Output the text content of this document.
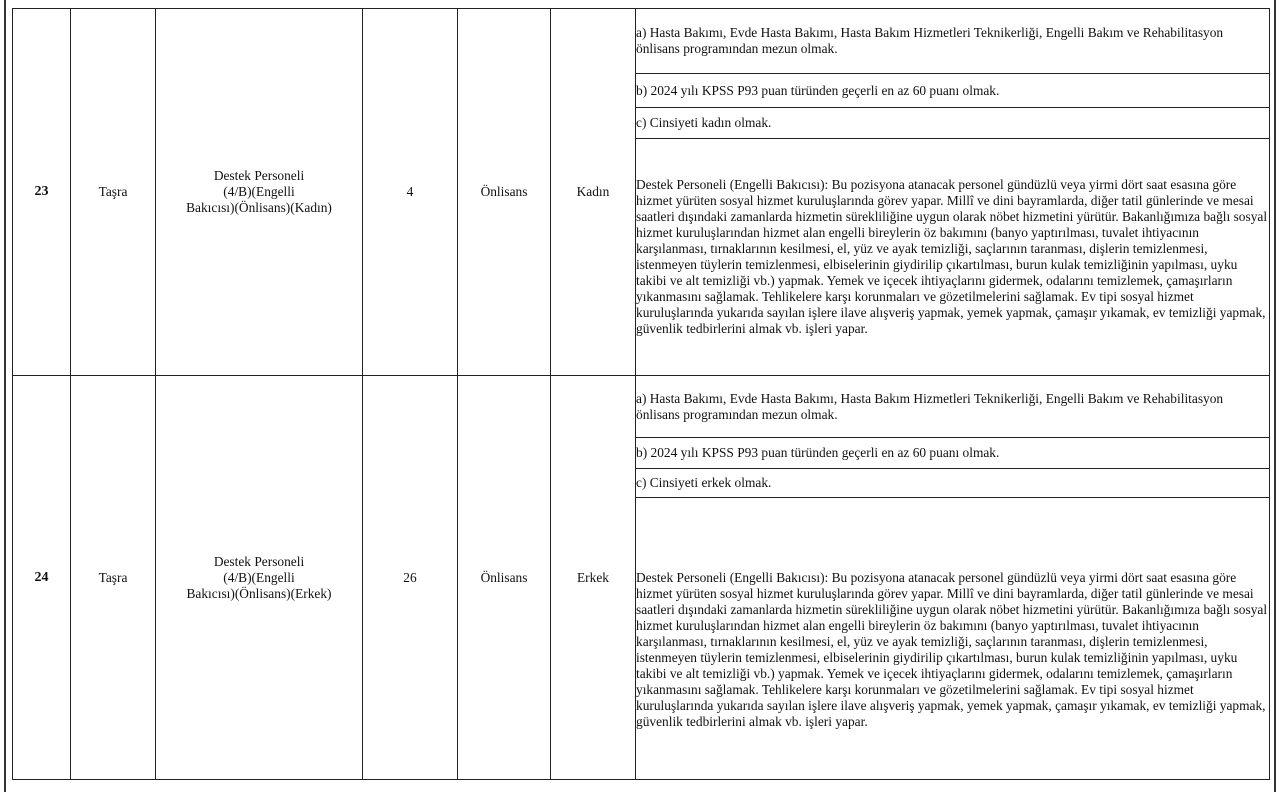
23	Taşra	Destek Personeli
(4/B)(Engelli
Bakıcısı)(Önlisans)(Kadın)	4	Önlisans	Kadın	a) Hasta Bakımı, Evde Hasta Bakımı, Hasta Bakım Hizmetleri Teknikerliği, Engelli Bakım ve Rehabilitasyon önlisans programından mezun olmak.
						b) 2024 yılı KPSS P93 puan türünden geçerli en az 60 puanı olmak.
						c) Cinsiyeti kadın olmak.

						Destek Personeli (Engelli Bakıcısı): Bu pozisyona atanacak personel gündüzlü veya yirmi dört saat esasına göre hizmet yürüten sosyal hizmet kuruluşlarında görev yapar. Millî ve dini bayramlarda, diğer tatil günlerinde ve mesai saatleri dışındaki zamanlarda hizmetin sürekliliğine uygun olarak nöbet hizmetini yürütür. Bakanlığımıza bağlı sosyal hizmet kuruluşlarından hizmet alan engelli bireylerin öz bakımını (banyo yaptırılması, tuvalet ihtiyacının karşılanması, tırnaklarının kesilmesi, el, yüz ve ayak temizliği, saçlarının taranması, dişlerin temizlenmesi, istenmeyen tüylerin temizlenmesi, elbiselerinin giydirilip çıkartılması, burun kulak temizliğinin yapılması, uyku takibi ve alt temizliği vb.) yapmak. Yemek ve içecek ihtiyaçlarını gidermek, odalarını temizlemek, çamaşırların yıkanmasını sağlamak. Tehlikelere karşı korunmaları ve gözetilmelerini sağlamak. Ev tipi sosyal hizmet kuruluşlarında yukarıda sayılan işlere ilave alışveriş yapmak, yemek yapmak, çamaşır yıkamak, ev temizliği yapmak, güvenlik tedbirlerini almak vb. işleri yapar.

24	Taşra	Destek Personeli
(4/B)(Engelli
Bakıcısı)(Önlisans)(Erkek)	26	Önlisans	Erkek	a) Hasta Bakımı, Evde Hasta Bakımı, Hasta Bakım Hizmetleri Teknikerliği, Engelli Bakım ve Rehabilitasyon önlisans programından mezun olmak.
						b) 2024 yılı KPSS P93 puan türünden geçerli en az 60 puanı olmak.
						c) Cinsiyeti erkek olmak.

						Destek Personeli (Engelli Bakıcısı): Bu pozisyona atanacak personel gündüzlü veya yirmi dört saat esasına göre hizmet yürüten sosyal hizmet kuruluşlarında görev yapar. Millî ve dini bayramlarda, diğer tatil günlerinde ve mesai saatleri dışındaki zamanlarda hizmetin sürekliliğine uygun olarak nöbet hizmetini yürütür. Bakanlığımıza bağlı sosyal hizmet kuruluşlarından hizmet alan engelli bireylerin öz bakımını (banyo yaptırılması, tuvalet ihtiyacının karşılanması, tırnaklarının kesilmesi, el, yüz ve ayak temizliği, saçlarının taranması, dişlerin temizlenmesi, istenmeyen tüylerin temizlenmesi, elbiselerinin giydirilip çıkartılması, burun kulak temizliğinin yapılması, uyku takibi ve alt temizliği vb.) yapmak. Yemek ve içecek ihtiyaçlarını gidermek, odalarını temizlemek, çamaşırların yıkanmasını sağlamak. Tehlikelere karşı korunmaları ve gözetilmelerini sağlamak. Ev tipi sosyal hizmet kuruluşlarında yukarıda sayılan işlere ilave alışveriş yapmak, yemek yapmak, çamaşır yıkamak, ev temizliği yapmak, güvenlik tedbirlerini almak vb. işleri yapar.
